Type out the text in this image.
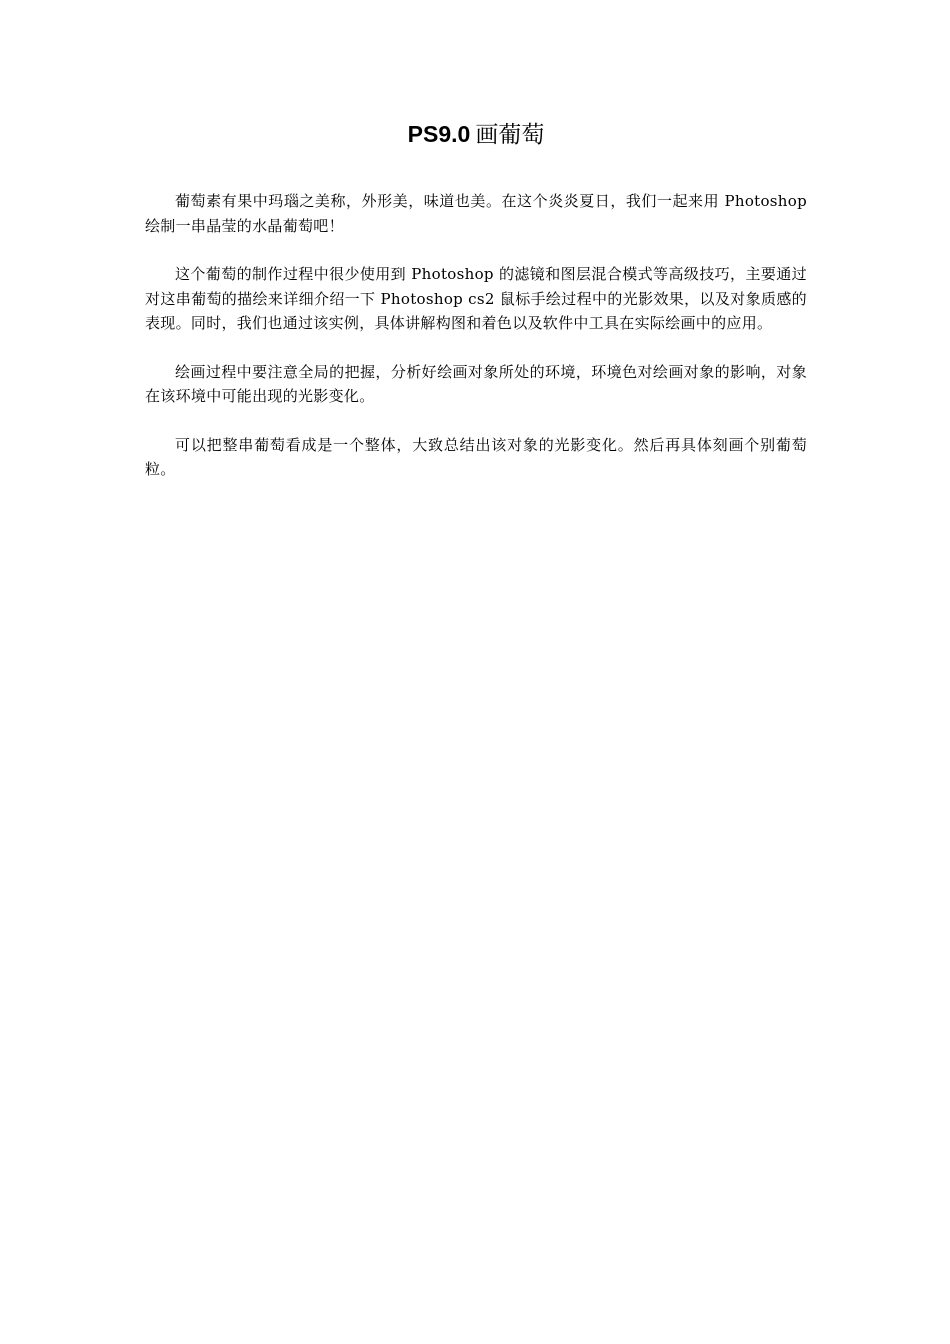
PS9.0 画葡萄

葡萄素有果中玛瑙之美称，外形美，味道也美。在这个炎炎夏日，我们一起来用 Photoshop 绘制一串晶莹的水晶葡萄吧！

这个葡萄的制作过程中很少使用到 Photoshop 的滤镜和图层混合模式等高级技巧，主要通过对这串葡萄的描绘来详细介绍一下 Photoshop cs2 鼠标手绘过程中的光影效果，以及对象质感的表现。同时，我们也通过该实例，具体讲解构图和着色以及软件中工具在实际绘画中的应用。

绘画过程中要注意全局的把握，分析好绘画对象所处的环境，环境色对绘画对象的影响，对象在该环境中可能出现的光影变化。

可以把整串葡萄看成是一个整体，大致总结出该对象的光影变化。然后再具体刻画个别葡萄粒。
